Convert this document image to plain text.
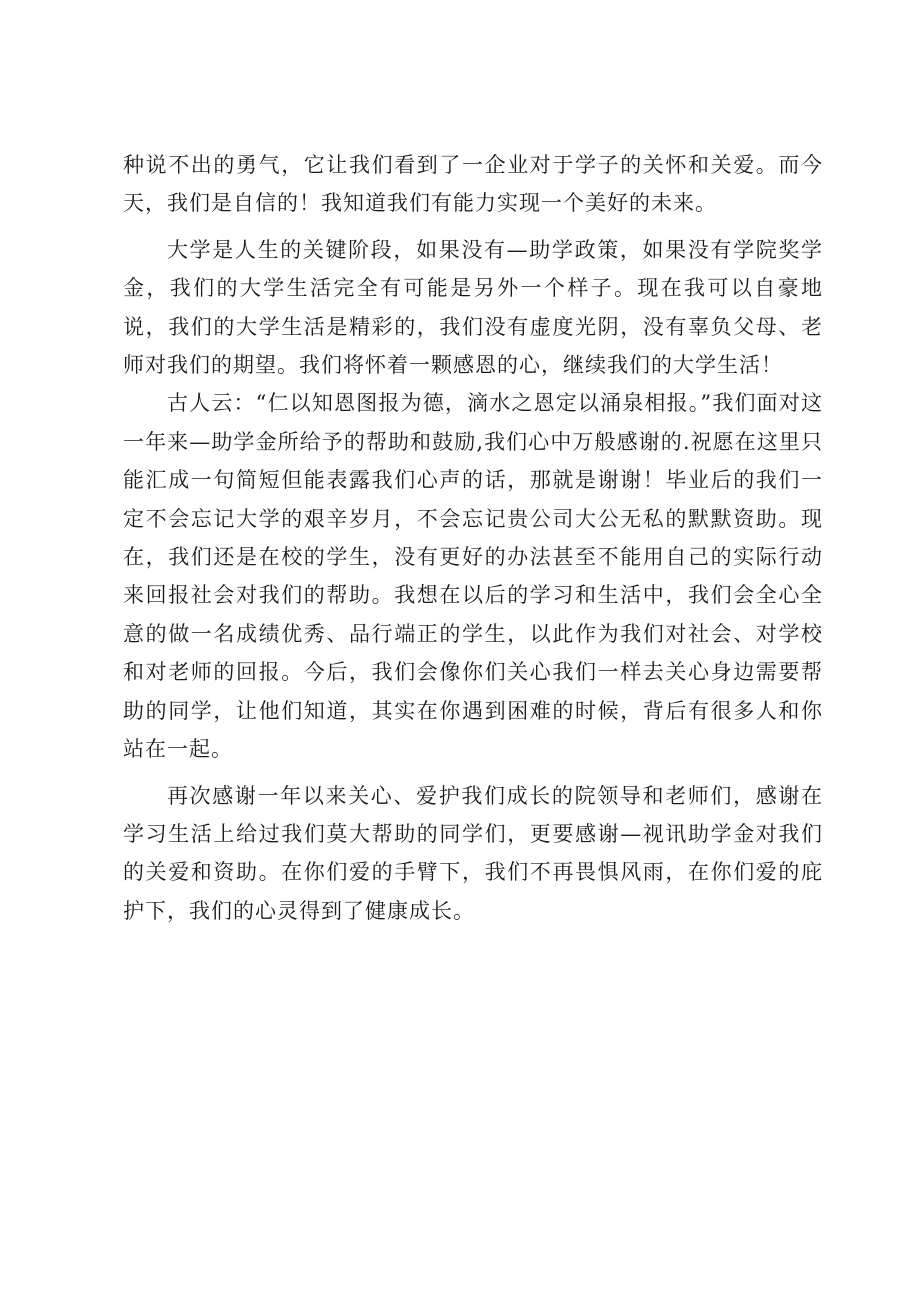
种说不出的勇气，它让我们看到了一企业对于学子的关怀和关爱。而今天，我们是自信的！我知道我们有能力实现一个美好的未来。

大学是人生的关键阶段，如果没有—助学政策，如果没有学院奖学金，我们的大学生活完全有可能是另外一个样子。现在我可以自豪地说，我们的大学生活是精彩的，我们没有虚度光阴，没有辜负父母、老师对我们的期望。我们将怀着一颗感恩的心，继续我们的大学生活！

古人云：“仁以知恩图报为德，滴水之恩定以涌泉相报。”我们面对这一年来—助学金所给予的帮助和鼓励,我们心中万般感谢的.祝愿在这里只能汇成一句简短但能表露我们心声的话，那就是谢谢！毕业后的我们一定不会忘记大学的艰辛岁月，不会忘记贵公司大公无私的默默资助。现在，我们还是在校的学生，没有更好的办法甚至不能用自己的实际行动来回报社会对我们的帮助。我想在以后的学习和生活中，我们会全心全意的做一名成绩优秀、品行端正的学生，以此作为我们对社会、对学校和对老师的回报。今后，我们会像你们关心我们一样去关心身边需要帮助的同学，让他们知道，其实在你遇到困难的时候，背后有很多人和你站在一起。

再次感谢一年以来关心、爱护我们成长的院领导和老师们，感谢在学习生活上给过我们莫大帮助的同学们，更要感谢—视讯助学金对我们的关爱和资助。在你们爱的手臂下，我们不再畏惧风雨，在你们爱的庇护下，我们的心灵得到了健康成长。
